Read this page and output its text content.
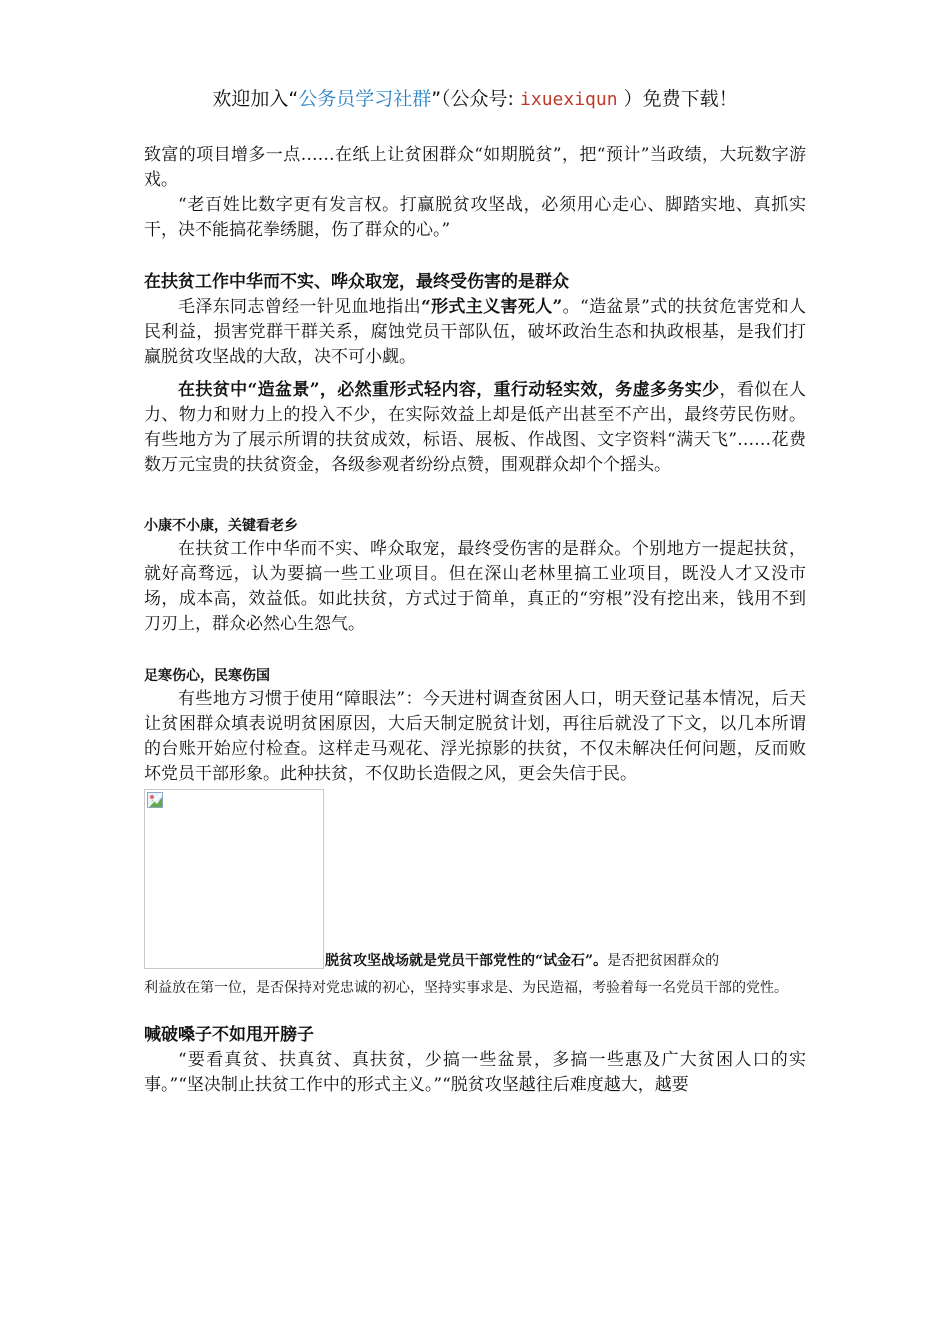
欢迎加入“公务员学习社群”（公众号: ixuexiqun ）免费下载！

致富的项目增多一点……在纸上让贫困群众“如期脱贫”，把“预计”当政绩，大玩数字游戏。

“老百姓比数字更有发言权。打赢脱贫攻坚战，必须用心走心、脚踏实地、真抓实干，决不能搞花拳绣腿，伤了群众的心。”

在扶贫工作中华而不实、哗众取宠，最终受伤害的是群众

毛泽东同志曾经一针见血地指出“形式主义害死人”。“造盆景”式的扶贫危害党和人民利益，损害党群干群关系，腐蚀党员干部队伍，破坏政治生态和执政根基，是我们打赢脱贫攻坚战的大敌，决不可小觑。

在扶贫中“造盆景”，必然重形式轻内容，重行动轻实效，务虚多务实少，看似在人力、物力和财力上的投入不少，在实际效益上却是低产出甚至不产出，最终劳民伤财。有些地方为了展示所谓的扶贫成效，标语、展板、作战图、文字资料“满天飞”……花费数万元宝贵的扶贫资金，各级参观者纷纷点赞，围观群众却个个摇头。

小康不小康，关键看老乡

在扶贫工作中华而不实、哗众取宠，最终受伤害的是群众。个别地方一提起扶贫，就好高骛远，认为要搞一些工业项目。但在深山老林里搞工业项目，既没人才又没市场，成本高，效益低。如此扶贫，方式过于简单，真正的“穷根”没有挖出来，钱用不到刀刃上，群众必然心生怨气。

足寒伤心，民寒伤国

有些地方习惯于使用“障眼法”：今天进村调查贫困人口，明天登记基本情况，后天让贫困群众填表说明贫困原因，大后天制定脱贫计划，再往后就没了下文，以几本所谓的台账开始应付检查。这样走马观花、浮光掠影的扶贫，不仅未解决任何问题，反而败坏党员干部形象。此种扶贫，不仅助长造假之风，更会失信于民。

脱贫攻坚战场就是党员干部党性的“试金石”。是否把贫困群众的

利益放在第一位，是否保持对党忠诚的初心，坚持实事求是、为民造福，考验着每一名党员干部的党性。

喊破嗓子不如甩开膀子

“要看真贫、扶真贫、真扶贫，少搞一些盆景，多搞一些惠及广大贫困人口的实事。”“坚决制止扶贫工作中的形式主义。”“脱贫攻坚越往后难度越大，越要
